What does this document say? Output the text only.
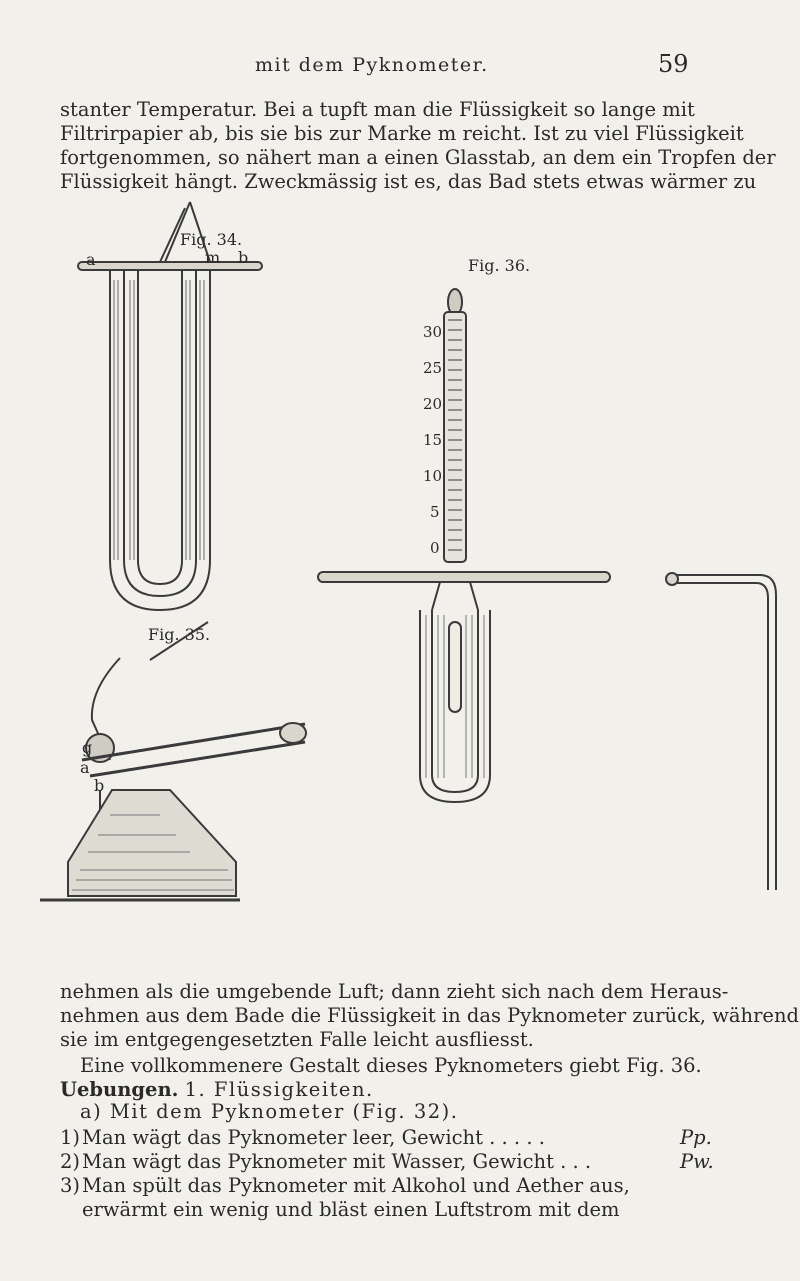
mit dem Pyknometer.	59
stanter Temperatur. Bei a tupft man die Flüssigkeit so lange mit
Filtrirpapier ab, bis sie bis zur Marke m reicht. Ist zu viel Flüssigkeit
fortgenommen, so nähert man a einen Glasstab, an dem ein Tropfen der
Flüssigkeit hängt. Zweckmässig ist es, das Bad stets etwas wärmer zu
Fig. 34.
a	m b	Fig. 36.
30
25
20
15
10
5
0
Fig. 35.
g
a
b
nehmen als die umgebende Luft; dann zieht sich nach dem Heraus-
nehmen aus dem Bade die Flüssigkeit in das Pyknometer zurück, während
sie im entgegengesetzten Falle leicht ausfliesst.
Eine vollkommenere Gestalt dieses Pyknometers giebt Fig. 36.
Uebungen. 1. Flüssigkeiten.
a) Mit dem Pyknometer (Fig. 32).
1) Man wägt das Pyknometer leer, Gewicht . . . . .	Pp.
2) Man wägt das Pyknometer mit Wasser, Gewicht . . .	Pw.
3) Man spült das Pyknometer mit Alkohol und Aether aus,
erwärmt ein wenig und bläst einen Luftstrom mit dem
